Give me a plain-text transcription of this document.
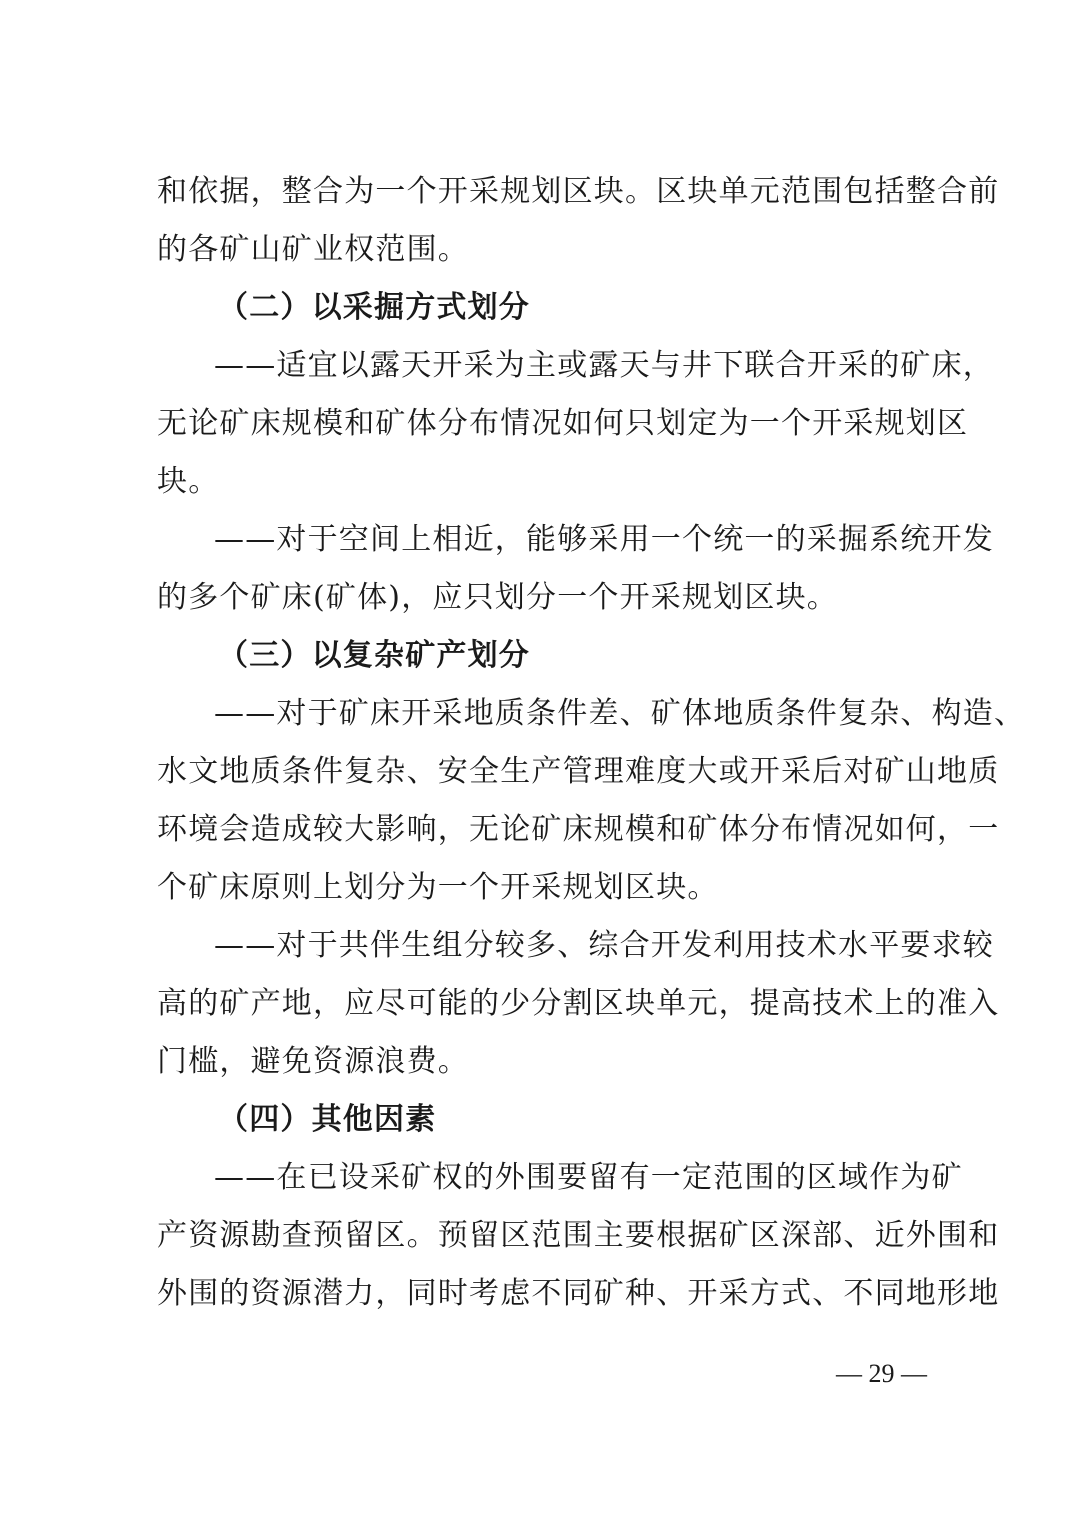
和依据，整合为一个开采规划区块。区块单元范围包括整合前
的各矿山矿业权范围。
（二）以采掘方式划分
——适宜以露天开采为主或露天与井下联合开采的矿床，
无论矿床规模和矿体分布情况如何只划定为一个开采规划区
块。
——对于空间上相近，能够采用一个统一的采掘系统开发
的多个矿床(矿体)，应只划分一个开采规划区块。
（三）以复杂矿产划分
——对于矿床开采地质条件差、矿体地质条件复杂、构造、
水文地质条件复杂、安全生产管理难度大或开采后对矿山地质
环境会造成较大影响，无论矿床规模和矿体分布情况如何，一
个矿床原则上划分为一个开采规划区块。
——对于共伴生组分较多、综合开发利用技术水平要求较
高的矿产地，应尽可能的少分割区块单元，提高技术上的准入
门槛，避免资源浪费。
（四）其他因素
——在已设采矿权的外围要留有一定范围的区域作为矿
产资源勘查预留区。预留区范围主要根据矿区深部、近外围和
外围的资源潜力，同时考虑不同矿种、开采方式、不同地形地
— 29 —
